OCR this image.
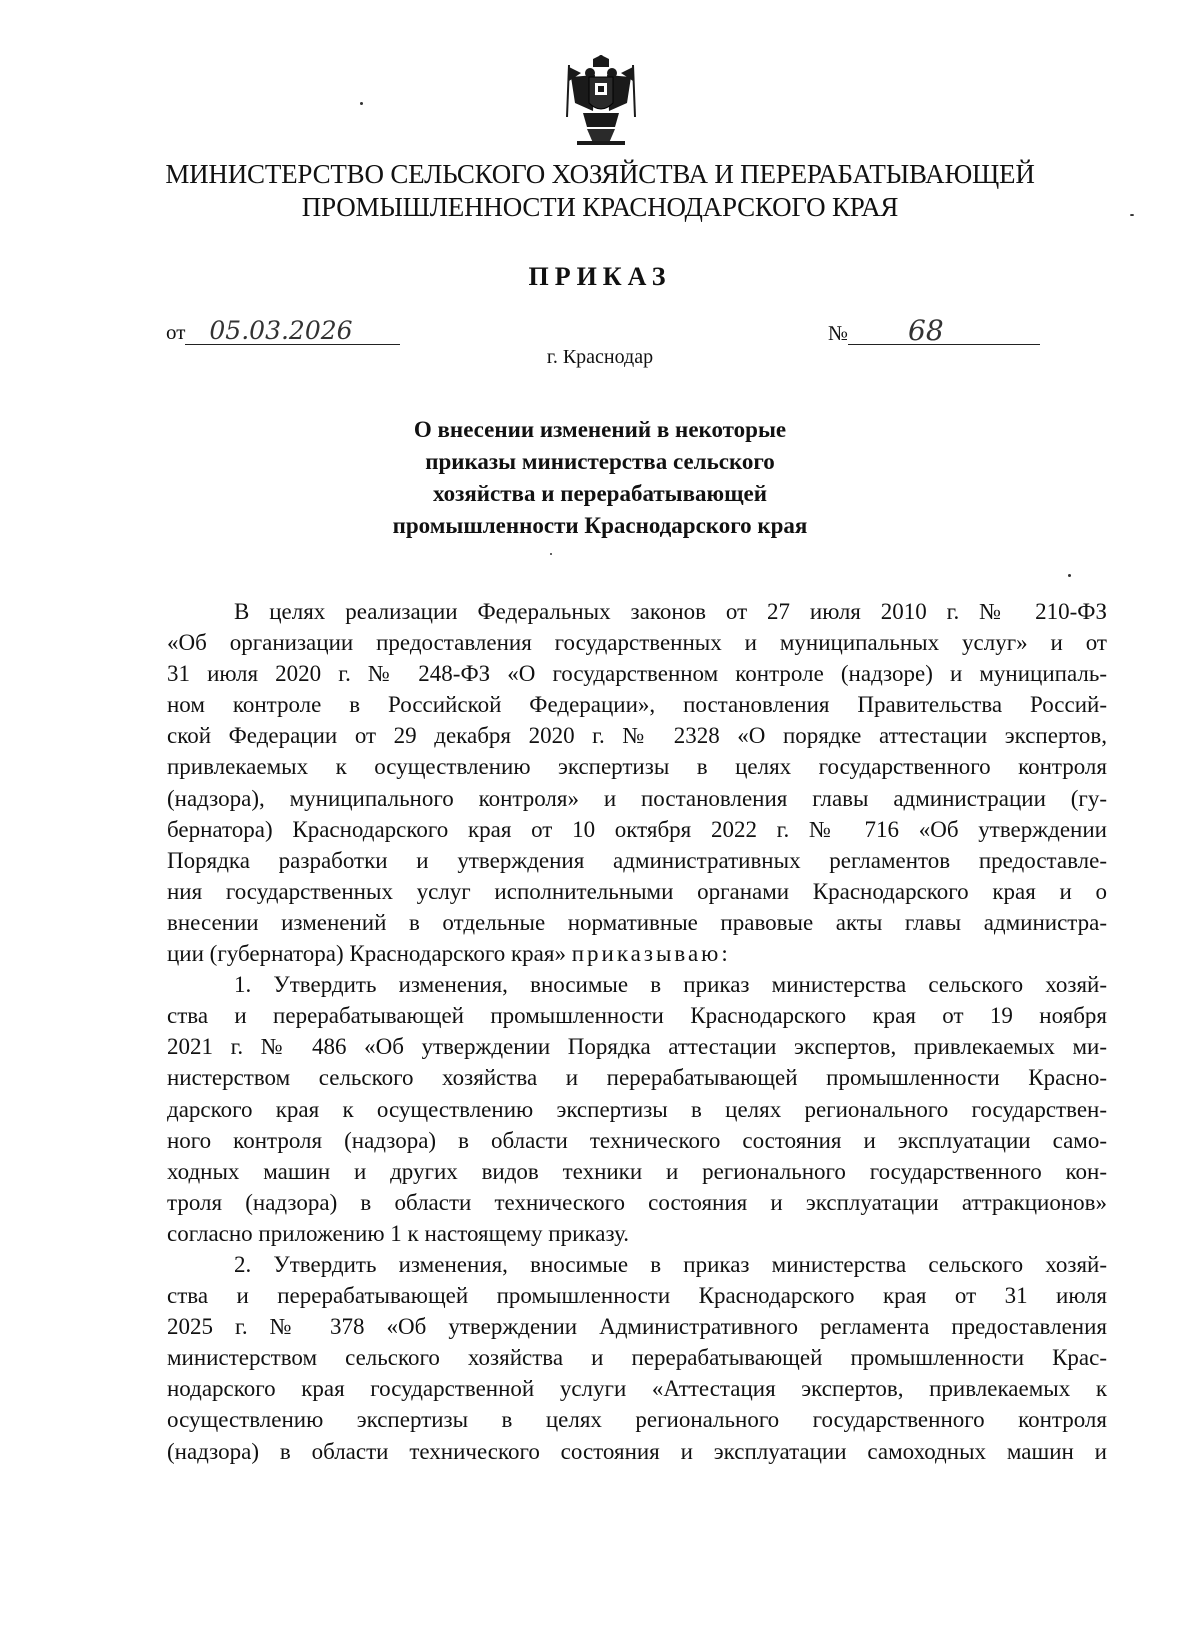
МИНИСТЕРСТВО СЕЛЬСКОГО ХОЗЯЙСТВА И ПЕРЕРАБАТЫВАЮЩЕЙ
ПРОМЫШЛЕННОСТИ КРАСНОДАРСКОГО КРАЯ
ПРИКАЗ
от 05.03.2026	№ 68
г. Краснодар
О внесении изменений в некоторые
приказы министерства сельского
хозяйства и перерабатывающей
промышленности Краснодарского края
В целях реализации Федеральных законов от 27 июля 2010 г. № 210-ФЗ
«Об организации предоставления государственных и муниципальных услуг» и от
31 июля 2020 г. № 248-ФЗ «О государственном контроле (надзоре) и муниципаль-
ном контроле в Российской Федерации», постановления Правительства Россий-
ской Федерации от 29 декабря 2020 г. № 2328 «О порядке аттестации экспертов,
привлекаемых к осуществлению экспертизы в целях государственного контроля
(надзора), муниципального контроля» и постановления главы администрации (гу-
бернатора) Краснодарского края от 10 октября 2022 г. № 716 «Об утверждении
Порядка разработки и утверждения административных регламентов предоставле-
ния государственных услуг исполнительными органами Краснодарского края и о
внесении изменений в отдельные нормативные правовые акты главы администра-
ции (губернатора) Краснодарского края» приказываю:
1. Утвердить изменения, вносимые в приказ министерства сельского хозяй-
ства и перерабатывающей промышленности Краснодарского края от 19 ноября
2021 г. № 486 «Об утверждении Порядка аттестации экспертов, привлекаемых ми-
нистерством сельского хозяйства и перерабатывающей промышленности Красно-
дарского края к осуществлению экспертизы в целях регионального государствен-
ного контроля (надзора) в области технического состояния и эксплуатации само-
ходных машин и других видов техники и регионального государственного кон-
троля (надзора) в области технического состояния и эксплуатации аттракционов»
согласно приложению 1 к настоящему приказу.
2. Утвердить изменения, вносимые в приказ министерства сельского хозяй-
ства и перерабатывающей промышленности Краснодарского края от 31 июля
2025 г. № 378 «Об утверждении Административного регламента предоставления
министерством сельского хозяйства и перерабатывающей промышленности Крас-
нодарского края государственной услуги «Аттестация экспертов, привлекаемых к
осуществлению экспертизы в целях регионального государственного контроля
(надзора) в области технического состояния и эксплуатации самоходных машин и
